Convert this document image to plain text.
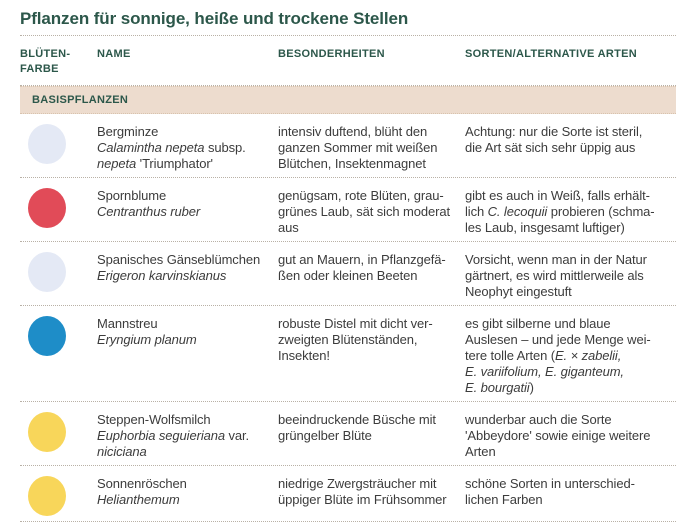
Pflanzen für sonnige, heiße und trockene Stellen
BLÜTEN-
FARBE
NAME	BESONDERHEITEN	SORTEN/ALTERNATIVE ARTEN
BASISPFLANZEN
Bergminze
Calamintha nepeta subsp.
nepeta 'Triumphator'
intensiv duftend, blüht den
ganzen Sommer mit weißen
Blütchen, Insektenmagnet
Achtung: nur die Sorte ist steril,
die Art sät sich sehr üppig aus
Spornblume
Centranthus ruber
genügsam, rote Blüten, grau-
grünes Laub, sät sich moderat
aus
gibt es auch in Weiß, falls erhält-
lich C. lecoquii probieren (schma-
les Laub, insgesamt luftiger)
Spanisches Gänseblümchen
Erigeron karvinskianus
gut an Mauern, in Pflanzgefä-
ßen oder kleinen Beeten
Vorsicht, wenn man in der Natur
gärtnert, es wird mittlerweile als
Neophyt eingestuft
Mannstreu
Eryngium planum
robuste Distel mit dicht ver-
zweigten Blütenständen,
Insekten!
es gibt silberne und blaue
Auslesen – und jede Menge wei-
tere tolle Arten (E. × zabelii,
E. variifolium, E. giganteum,
E. bourgatii)
Steppen-Wolfsmilch
Euphorbia seguieriana var.
niciciana
beeindruckende Büsche mit
grüngelber Blüte
wunderbar auch die Sorte
'Abbeydore' sowie einige weitere
Arten
Sonnenröschen
Helianthemum
niedrige Zwergsträucher mit
üppiger Blüte im Frühsommer
schöne Sorten in unterschied-
lichen Farben
